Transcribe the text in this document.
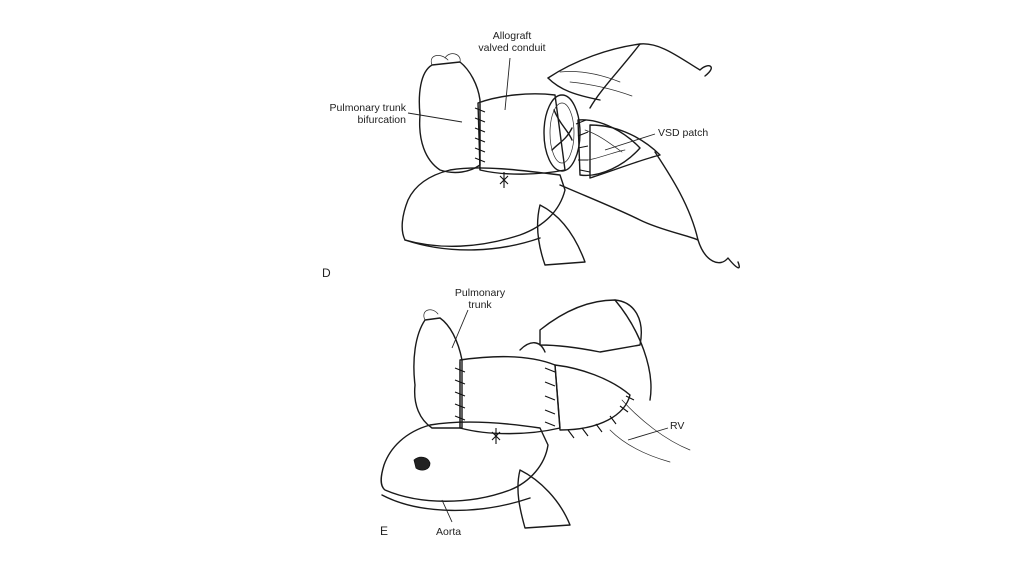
Allograft
valved conduit
Pulmonary trunk
bifurcation
VSD patch
D
Pulmonary
trunk
RV
Aorta
E
